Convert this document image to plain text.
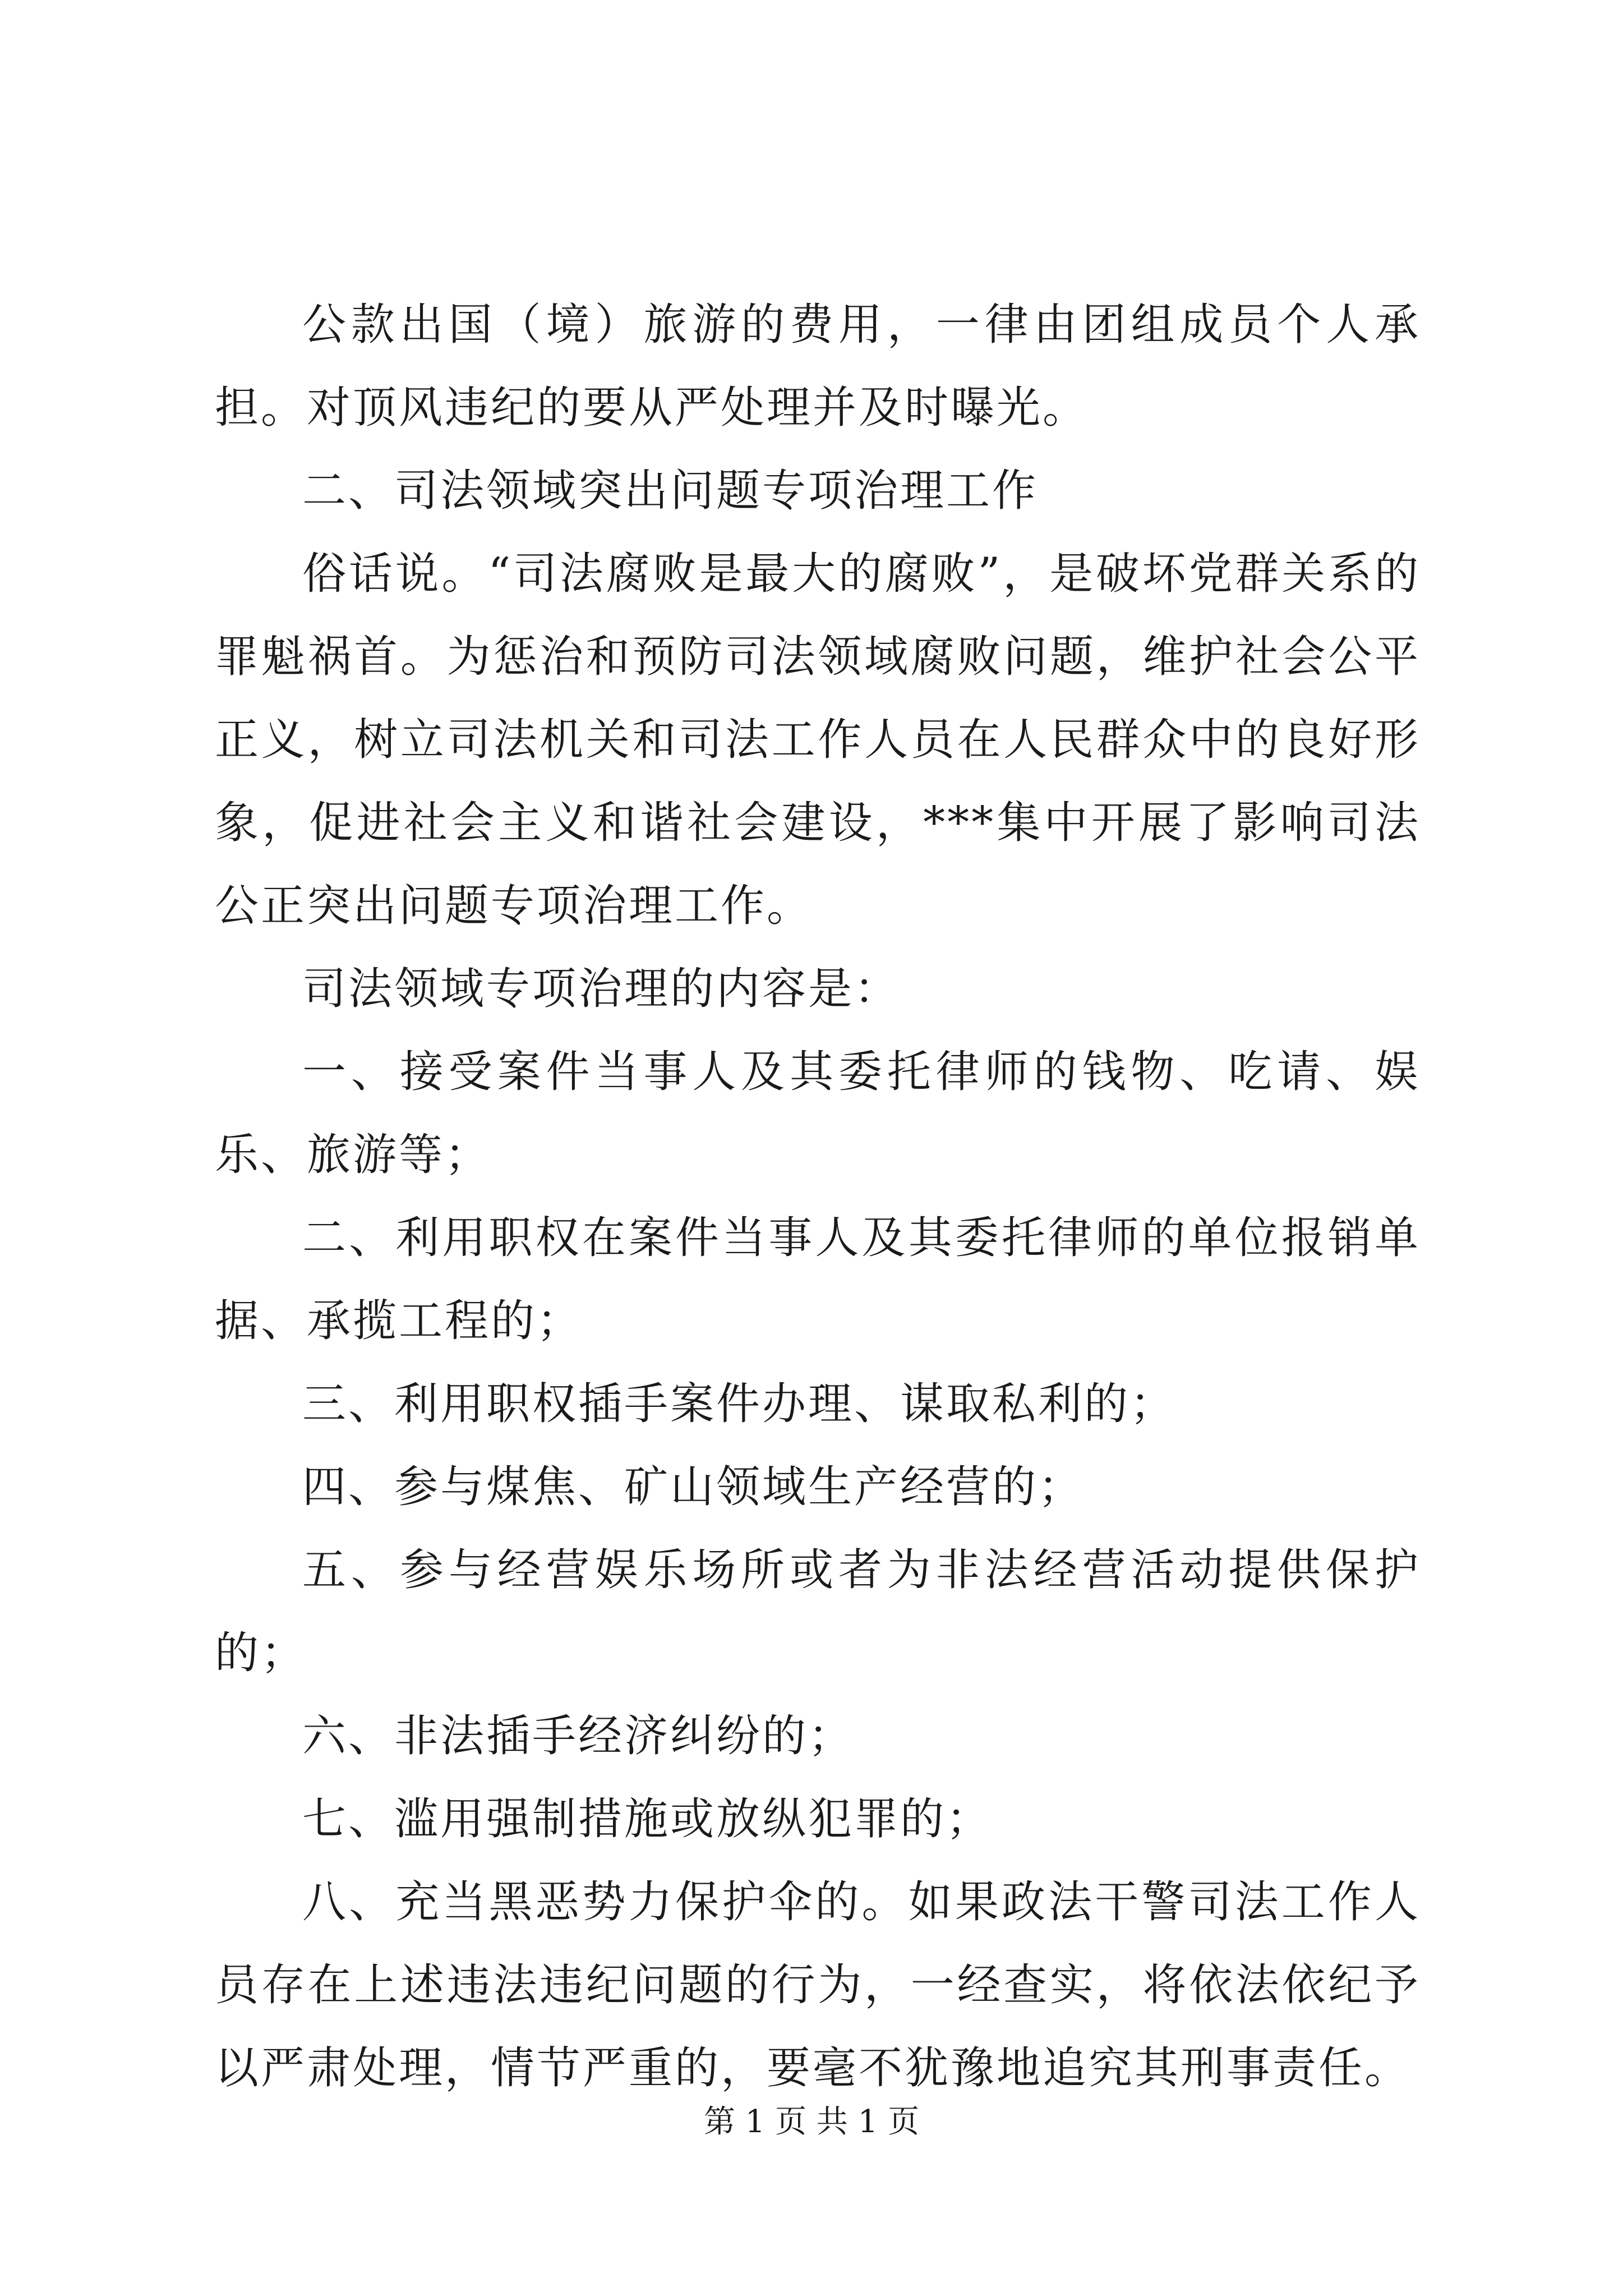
公款出国（境）旅游的费用，一律由团组成员个人承担。对顶风违纪的要从严处理并及时曝光。

二、司法领域突出问题专项治理工作

俗话说。“司法腐败是最大的腐败”，是破坏党群关系的罪魁祸首。为惩治和预防司法领域腐败问题，维护社会公平正义，树立司法机关和司法工作人员在人民群众中的良好形象，促进社会主义和谐社会建设，***集中开展了影响司法公正突出问题专项治理工作。

司法领域专项治理的内容是：

一、接受案件当事人及其委托律师的钱物、吃请、娱乐、旅游等；

二、利用职权在案件当事人及其委托律师的单位报销单据、承揽工程的；

三、利用职权插手案件办理、谋取私利的；

四、参与煤焦、矿山领域生产经营的；

五、参与经营娱乐场所或者为非法经营活动提供保护的；

六、非法插手经济纠纷的；

七、滥用强制措施或放纵犯罪的；

八、充当黑恶势力保护伞的。如果政法干警司法工作人员存在上述违法违纪问题的行为，一经查实，将依法依纪予以严肃处理，情节严重的，要毫不犹豫地追究其刑事责任。

第 1 页 共 1 页
